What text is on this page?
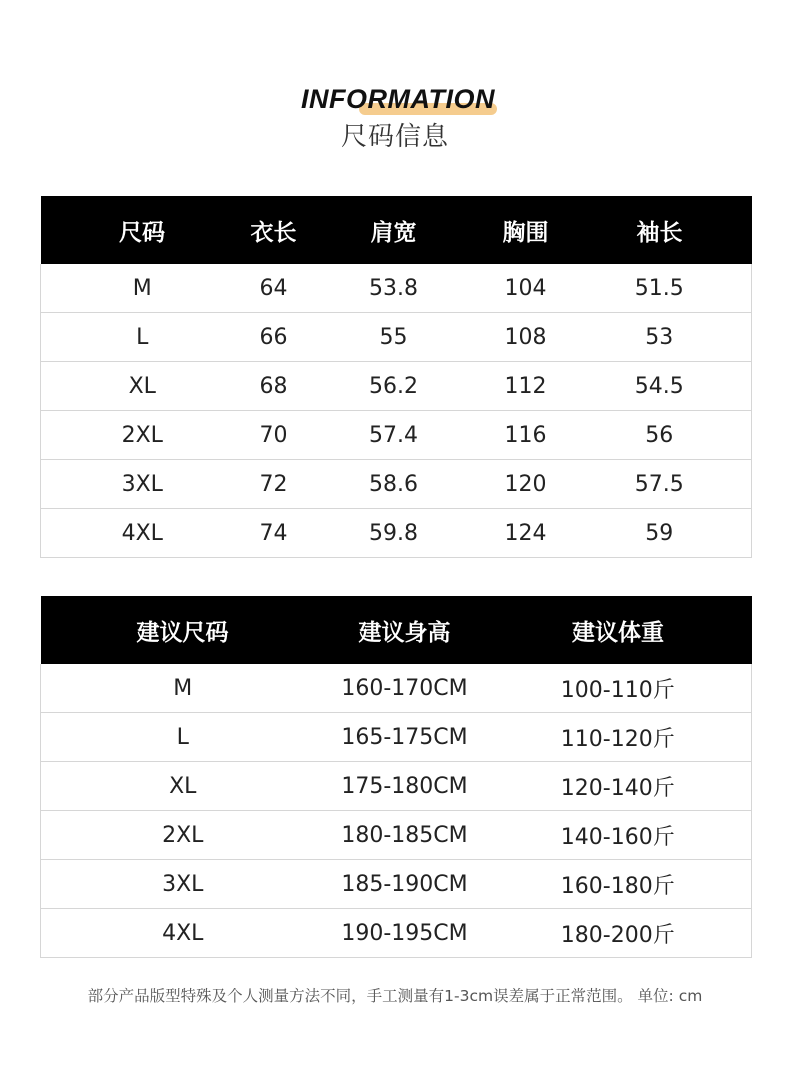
INFORMATION
尺码信息
尺码	衣长	肩宽	胸围	袖长
M	64	53.8	104	51.5
L	66	55	108	53
XL	68	56.2	112	54.5
2XL	70	57.4	116	56
3XL	72	58.6	120	57.5
4XL	74	59.8	124	59
建议尺码	建议身高	建议体重
M	160-170CM	100-110斤
L	165-175CM	110-120斤
XL	175-180CM	120-140斤
2XL	180-185CM	140-160斤
3XL	185-190CM	160-180斤
4XL	190-195CM	180-200斤
部分产品版型特殊及个人测量方法不同，手工测量有1-3cm误差属于正常范围。 单位: cm
